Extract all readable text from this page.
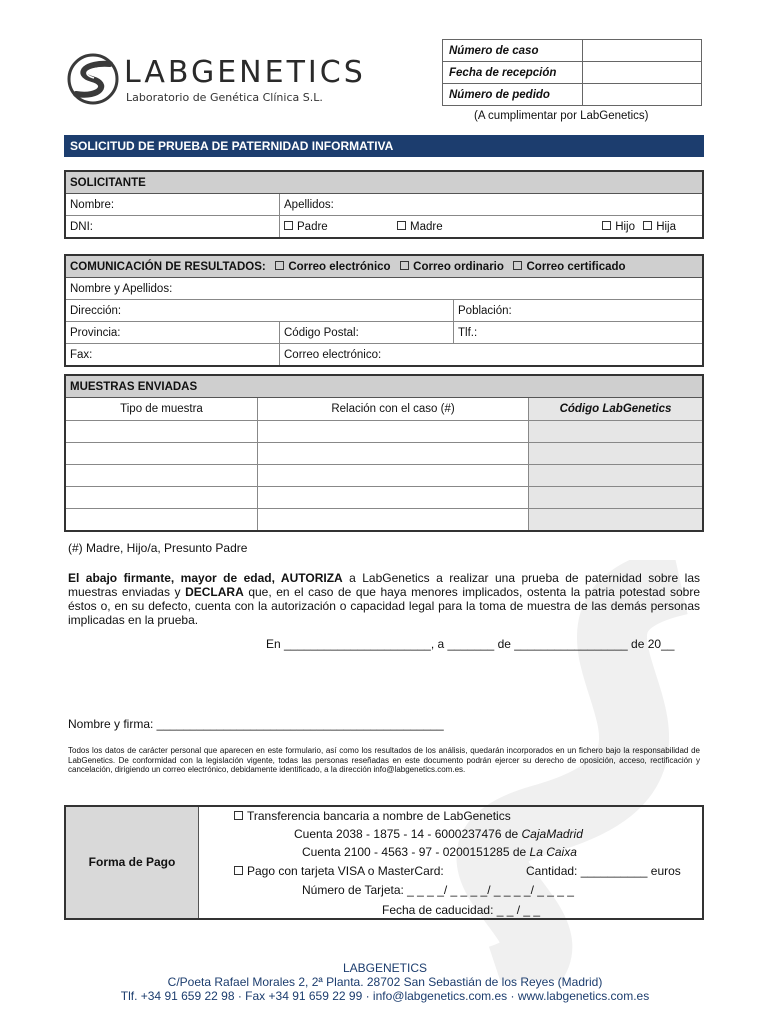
LABGENETICS
Laboratorio de Genética Clínica S.L.
Número de caso	
Fecha de recepción	
Número de pedido	
(A cumplimentar por LabGenetics)
SOLICITUD DE PRUEBA DE PATERNIDAD INFORMATIVA
SOLICITANTE				
Nombre:	Apellidos:			
DNI:	Padre	Madre	Hijo	Hija
COMUNICACIÓN DE RESULTADOS: Correo electrónico Correo ordinario Correo certificado		
Nombre y Apellidos:		
Dirección:		Población:
Provincia:	Código Postal:	Tlf.:
Fax:	Correo electrónico:	
MUESTRAS ENVIADAS		
Tipo de muestra	Relación con el caso (#)	Código LabGenetics

(#) Madre, Hijo/a, Presunto Padre
El abajo firmante, mayor de edad, AUTORIZA a LabGenetics a realizar una prueba de paternidad sobre las muestras enviadas y DECLARA que, en el caso de que haya menores implicados, ostenta la patria potestad sobre éstos o, en su defecto, cuenta con la autorización o capacidad legal para la toma de muestra de las demás personas implicadas en la prueba.
En ______________________, a _______ de _________________ de 20__
Nombre y firma: ___________________________________________
Todos los datos de carácter personal que aparecen en este formulario, así como los resultados de los análisis, quedarán incorporados en un fichero bajo la responsabilidad de LabGenetics. De conformidad con la legislación vigente, todas las personas reseñadas en este documento podrán ejercer su derecho de oposición, acceso, rectificación y cancelación, dirigiendo un correo electrónico, debidamente identificado, a la dirección info@labgenetics.com.es.
Forma de Pago
Transferencia bancaria a nombre de LabGenetics
Cuenta 2038 - 1875 - 14 - 6000237476 de CajaMadrid
Cuenta 2100 - 4563 - 97 - 0200151285 de La Caixa
Pago con tarjeta VISA o MasterCard:	Cantidad: __________ euros
Número de Tarjeta: _ _ _ _/ _ _ _ _/ _ _ _ _/ _ _ _ _
Fecha de caducidad: _ _ / _ _
LABGENETICS
C/Poeta Rafael Morales 2, 2ª Planta. 28702 San Sebastián de los Reyes (Madrid)
Tlf. +34 91 659 22 98 · Fax +34 91 659 22 99 · info@labgenetics.com.es · www.labgenetics.com.es
